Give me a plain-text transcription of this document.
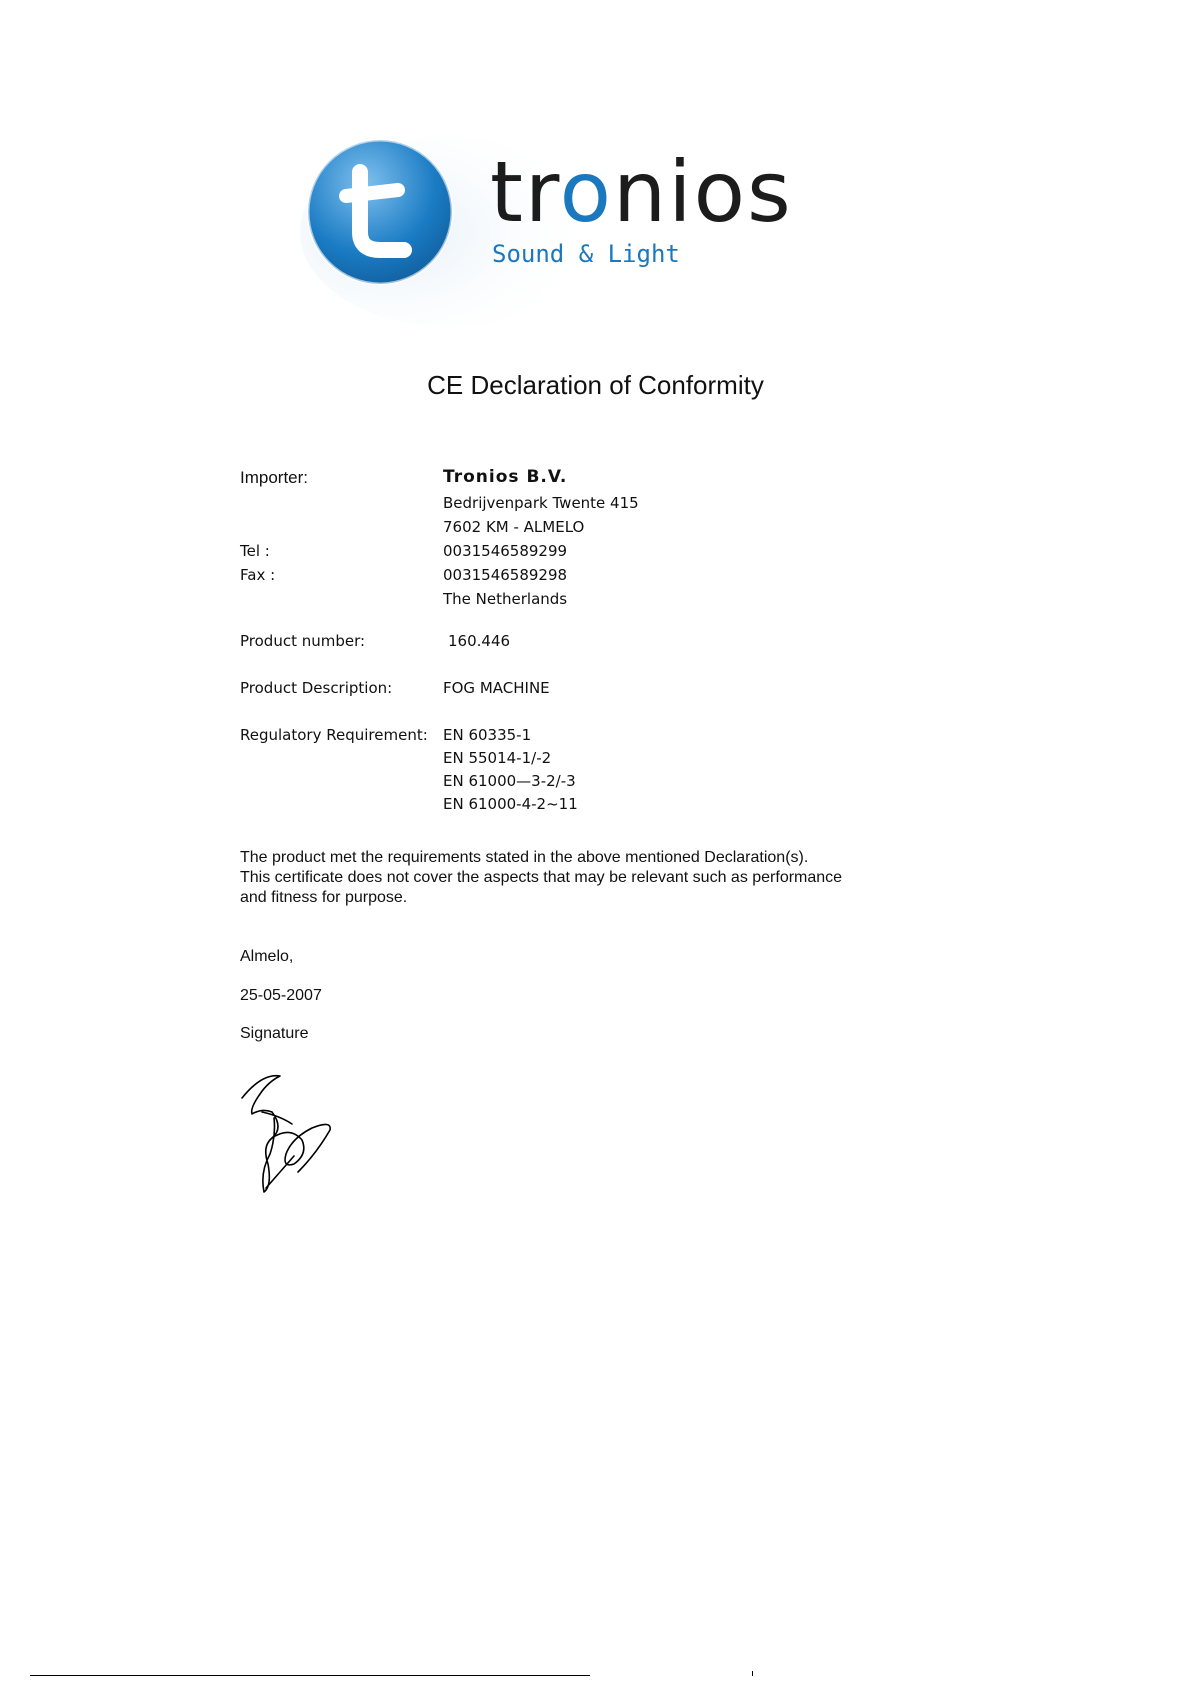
tronios
Sound & Light
CE Declaration of Conformity
Importer:	Tronios B.V.
Bedrijvenpark Twente 415
7602 KM - ALMELO
Tel :	0031546589299
Fax :	0031546589298
The Netherlands
Product number:	160.446
Product Description:	FOG MACHINE
Regulatory Requirement: EN 60335-1
EN 55014-1/-2
EN 61000—3-2/-3
EN 61000-4-2~11
The product met the requirements stated in the above mentioned Declaration(s).
This certificate does not cover the aspects that may be relevant such as performance
and fitness for purpose.
Almelo,
25-05-2007
Signature
